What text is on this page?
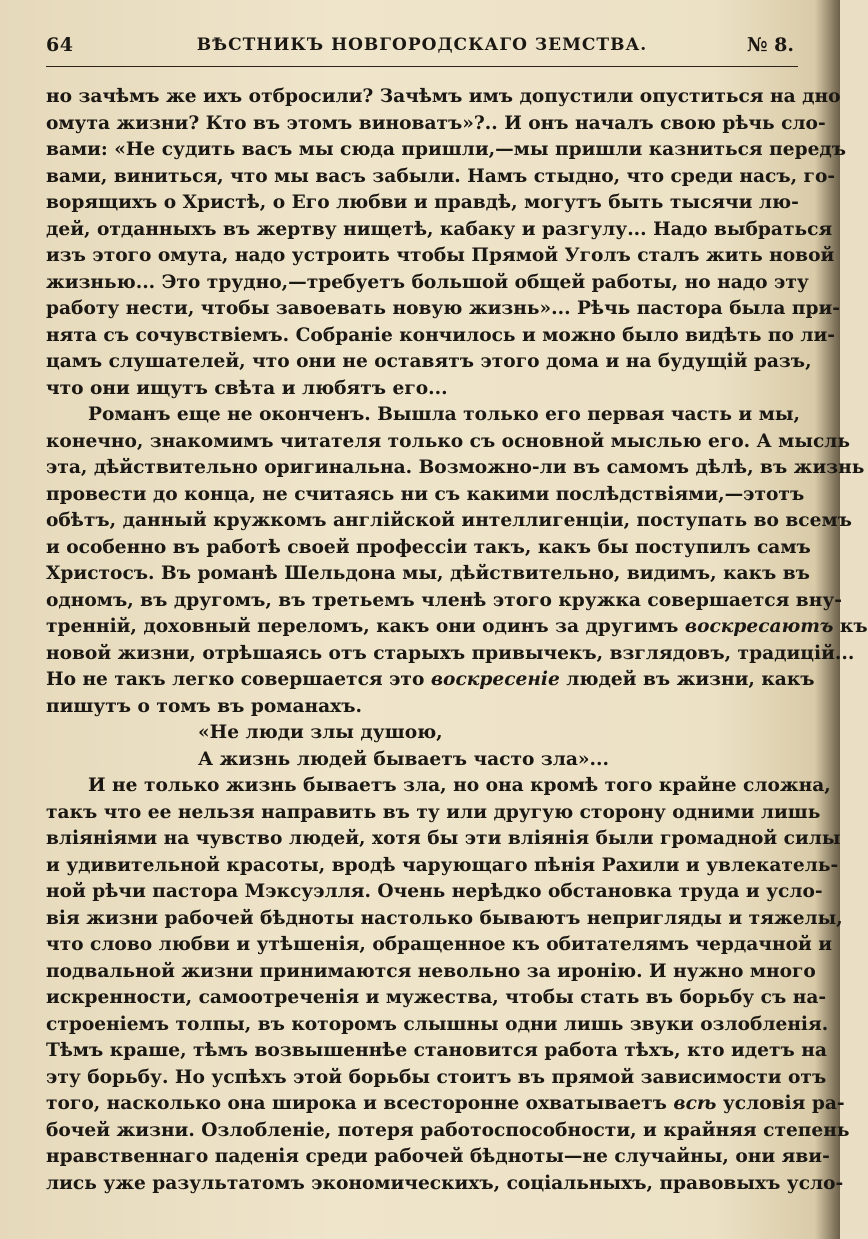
64	ВѢСТНИКЪ НОВГОРОДСКАГО ЗЕМСТВА.	№ 8.
но зачѣмъ же ихъ отбросили? Зачѣмъ имъ допустили опуститься на дно
омута жизни? Кто въ этомъ виноватъ»?.. И онъ началъ свою рѣчь сло-
вами: «Не судить васъ мы сюда пришли,—мы пришли казниться передъ
вами, виниться, что мы васъ забыли. Намъ стыдно, что среди насъ, го-
ворящихъ о Христѣ, о Его любви и правдѣ, могутъ быть тысячи лю-
дей, отданныхъ въ жертву нищетѣ, кабаку и разгулу... Надо выбраться
изъ этого омута, надо устроить чтобы Прямой Уголъ сталъ жить новой
жизнью... Это трудно,—требуетъ большой общей работы, но надо эту
работу нести, чтобы завоевать новую жизнь»... Рѣчь пастора была при-
нята съ сочувствіемъ. Собраніе кончилось и можно было видѣть по ли-
цамъ слушателей, что они не оставятъ этого дома и на будущій разъ,
что они ищутъ свѣта и любятъ его...
Романъ еще не оконченъ. Вышла только его первая часть и мы,
конечно, знакомимъ читателя только съ основной мыслью его. А мысль
эта, дѣйствительно оригинальна. Возможно-ли въ самомъ дѣлѣ, въ жизнь
провести до конца, не считаясь ни съ какими послѣдствіями,—этотъ
обѣтъ, данный кружкомъ англійской интеллигенціи, поступать во всемъ
и особенно въ работѣ своей профессіи такъ, какъ бы поступилъ самъ
Христосъ. Въ романѣ Шельдона мы, дѣйствительно, видимъ, какъ въ
одномъ, въ другомъ, въ третьемъ членѣ этого кружка совершается вну-
тренній, доховный переломъ, какъ они одинъ за другимъ воскресаютъ къ
новой жизни, отрѣшаясь отъ старыхъ привычекъ, взглядовъ, традицій...
Но не такъ легко совершается это воскресеніе людей въ жизни, какъ
пишутъ о томъ въ романахъ.
«Не люди злы душою,
А жизнь людей бываетъ часто зла»...
И не только жизнь бываетъ зла, но она кромѣ того крайне сложна,
такъ что ее нельзя направить въ ту или другую сторону одними лишь
вліяніями на чувство людей, хотя бы эти вліянія были громадной силы
и удивительной красоты, вродѣ чарующаго пѣнія Рахили и увлекатель-
ной рѣчи пастора Мэксуэлля. Очень нерѣдко обстановка труда и усло-
вія жизни рабочей бѣдноты настолько бываютъ непригляды и тяжелы,
что слово любви и утѣшенія, обращенное къ обитателямъ чердачной и
подвальной жизни принимаются невольно за иронію. И нужно много
искренности, самоотреченія и мужества, чтобы стать въ борьбу съ на-
строеніемъ толпы, въ которомъ слышны одни лишь звуки озлобленія.
Тѣмъ краше, тѣмъ возвышеннѣе становится работа тѣхъ, кто идетъ на
эту борьбу. Но успѣхъ этой борьбы стоитъ въ прямой зависимости отъ
того, насколько она широка и всесторонне охватываетъ всѣ условія ра-
бочей жизни. Озлобленіе, потеря работоспособности, и крайняя степень
нравственнаго паденія среди рабочей бѣдноты—не случайны, они яви-
лись уже разультатомъ экономическихъ, соціальныхъ, правовыхъ усло-
